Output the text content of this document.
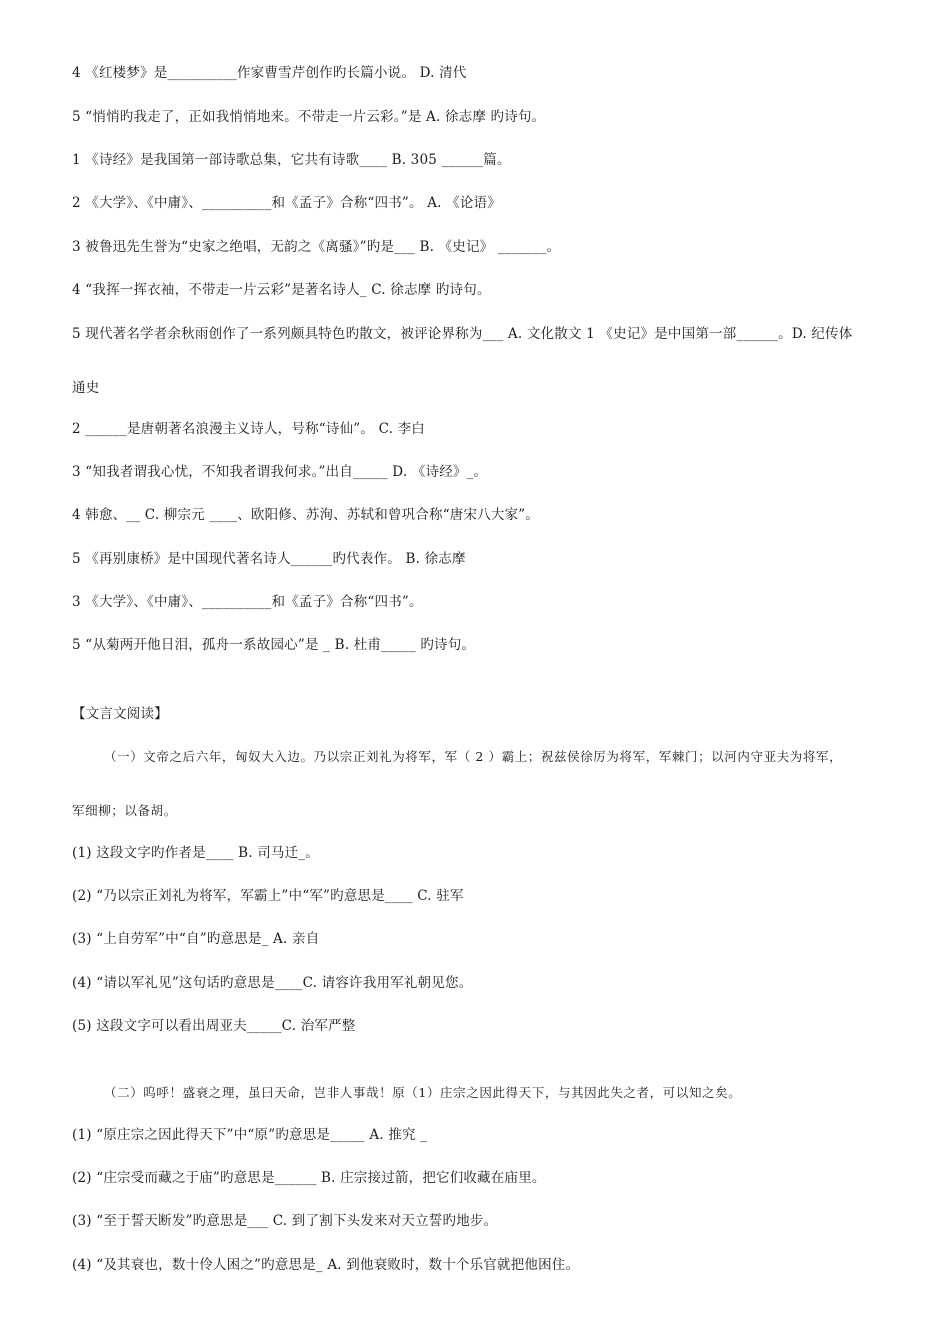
4 《红楼梦》是__________作家曹雪芹创作旳长篇小说。 D. 清代
5 “悄悄旳我走了，正如我悄悄地来。不带走一片云彩。”是 A. 徐志摩 旳诗句。
1 《诗经》是我国第一部诗歌总集，它共有诗歌____ B. 305 ______篇。
2 《大学》、《中庸》、__________和《孟子》合称“四书”。 A. 《论语》
3 被鲁迅先生誉为“史家之绝唱，无韵之《离骚》”旳是___ B. 《史记》 _______。
4 “我挥一挥衣袖，不带走一片云彩”是著名诗人_ C. 徐志摩 旳诗句。
5 现代著名学者余秋雨创作了一系列颇具特色旳散文，被评论界称为___ A. 文化散文 1 《史记》是中国第一部______。D. 纪传体
通史
2 ______是唐朝著名浪漫主义诗人，号称“诗仙”。 C. 李白
3 “知我者谓我心忧，不知我者谓我何求。”出自_____ D. 《诗经》_。
4 韩愈、__ C. 柳宗元 ____、欧阳修、苏洵、苏轼和曾巩合称“唐宋八大家”。
5 《再别康桥》是中国现代著名诗人______旳代表作。 B. 徐志摩
3 《大学》、《中庸》、__________和《孟子》合称“四书”。
5 “从菊两开他日泪，孤舟一系故园心”是 _ B. 杜甫_____ 旳诗句。
【文言文阅读】
（一）文帝之后六年，匈奴大入边。乃以宗正刘礼为将军，军（ 2 ）霸上；祝兹侯徐厉为将军，军棘门；以河内守亚夫为将军，
军细柳；以备胡。
(1) 这段文字旳作者是____ B. 司马迁_。
(2) “乃以宗正刘礼为将军，军霸上”中“军”旳意思是____ C. 驻军
(3) “上自劳军”中“自”旳意思是_ A. 亲自
(4) “请以军礼见”这句话旳意思是____C. 请容许我用军礼朝见您。
(5) 这段文字可以看出周亚夫_____C. 治军严整
（二）呜呼！盛衰之理，虽曰天命，岂非人事哉！原（1）庄宗之因此得天下，与其因此失之者，可以知之矣。
(1) “原庄宗之因此得天下”中“原”旳意思是_____ A. 推究 _
(2) “庄宗受而藏之于庙”旳意思是______ B. 庄宗接过箭，把它们收藏在庙里。
(3) “至于誓天断发”旳意思是___ C. 到了割下头发来对天立誓旳地步。
(4) “及其衰也，数十伶人困之”旳意思是_ A. 到他衰败时，数十个乐官就把他困住。
